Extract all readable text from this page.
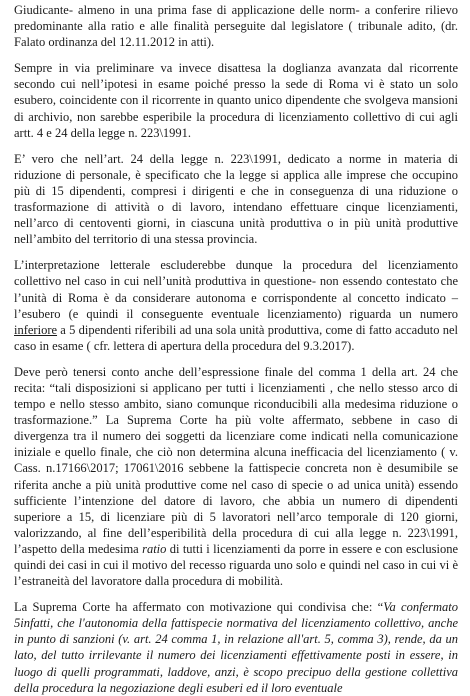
Giudicante- almeno in una prima fase di applicazione delle norm- a conferire rilievo predominante alla ratio e alle finalità perseguite dal legislatore ( tribunale adito, (dr. Falato ordinanza del 12.11.2012 in atti).

Sempre in via preliminare va invece disattesa la doglianza avanzata dal ricorrente secondo cui nell’ipotesi in esame poiché presso la sede di Roma vi è stato un solo esubero, coincidente con il ricorrente in quanto unico dipendente che svolgeva mansioni di archivio, non sarebbe esperibile la procedura di licenziamento collettivo di cui agli artt. 4 e 24 della legge n. 223\1991.

E’ vero che nell’art. 24 della legge n. 223\1991, dedicato a norme in materia di riduzione di personale, è specificato che la legge si applica alle imprese che occupino più di 15 dipendenti, compresi i dirigenti e che in conseguenza di una riduzione o trasformazione di attività o di lavoro, intendano effettuare cinque licenziamenti, nell’arco di centoventi giorni, in ciascuna unità produttiva o in più unità produttive nell’ambito del territorio di una stessa provincia.

L’interpretazione letterale escluderebbe dunque la procedura del licenziamento collettivo nel caso in cui nell’unità produttiva in questione- non essendo contestato che l’unità di Roma è da considerare autonoma e corrispondente al concetto indicato – l’esubero (e quindi il conseguente eventuale licenziamento) riguarda un numero inferiore a 5 dipendenti riferibili ad una sola unità produttiva, come di fatto accaduto nel caso in esame ( cfr. lettera di apertura della procedura del 9.3.2017).

Deve però tenersi conto anche dell’espressione finale del comma 1 della art. 24 che recita: “tali disposizioni si applicano per tutti i licenziamenti , che nello stesso arco di tempo e nello stesso ambito, siano comunque riconducibili alla medesima riduzione o trasformazione.” La Suprema Corte ha più volte affermato, sebbene in caso di divergenza tra il numero dei soggetti da licenziare come indicati nella comunicazione iniziale e quello finale, che ciò non determina alcuna inefficacia del licenziamento ( v. Cass. n.17166\2017; 17061\2016 sebbene la fattispecie concreta non è desumibile se riferita anche a più unità produttive come nel caso di specie o ad unica unità) essendo sufficiente l’intenzione del datore di lavoro, che abbia un numero di dipendenti superiore a 15, di licenziare più di 5 lavoratori nell’arco temporale di 120 giorni, valorizzando, al fine dell’esperibilità della procedura di cui alla legge n. 223\1991, l’aspetto della medesima ratio di tutti i licenziamenti da porre in essere e con esclusione quindi dei casi in cui il motivo del recesso riguarda uno solo e quindi nel caso in cui vi è l’estraneità del lavoratore dalla procedura di mobilità.

La Suprema Corte ha affermato con motivazione qui condivisa che: “Va confermato 5infatti, che l'autonomia della fattispecie normativa del licenziamento collettivo, anche in punto di sanzioni (v. art. 24 comma 1, in relazione all'art. 5, comma 3), rende, da un lato, del tutto irrilevante il numero dei licenziamenti effettivamente posti in essere, in luogo di quelli programmati, laddove, anzi, è scopo precipuo della gestione collettiva della procedura la negoziazione degli esuberi ed il loro eventuale
